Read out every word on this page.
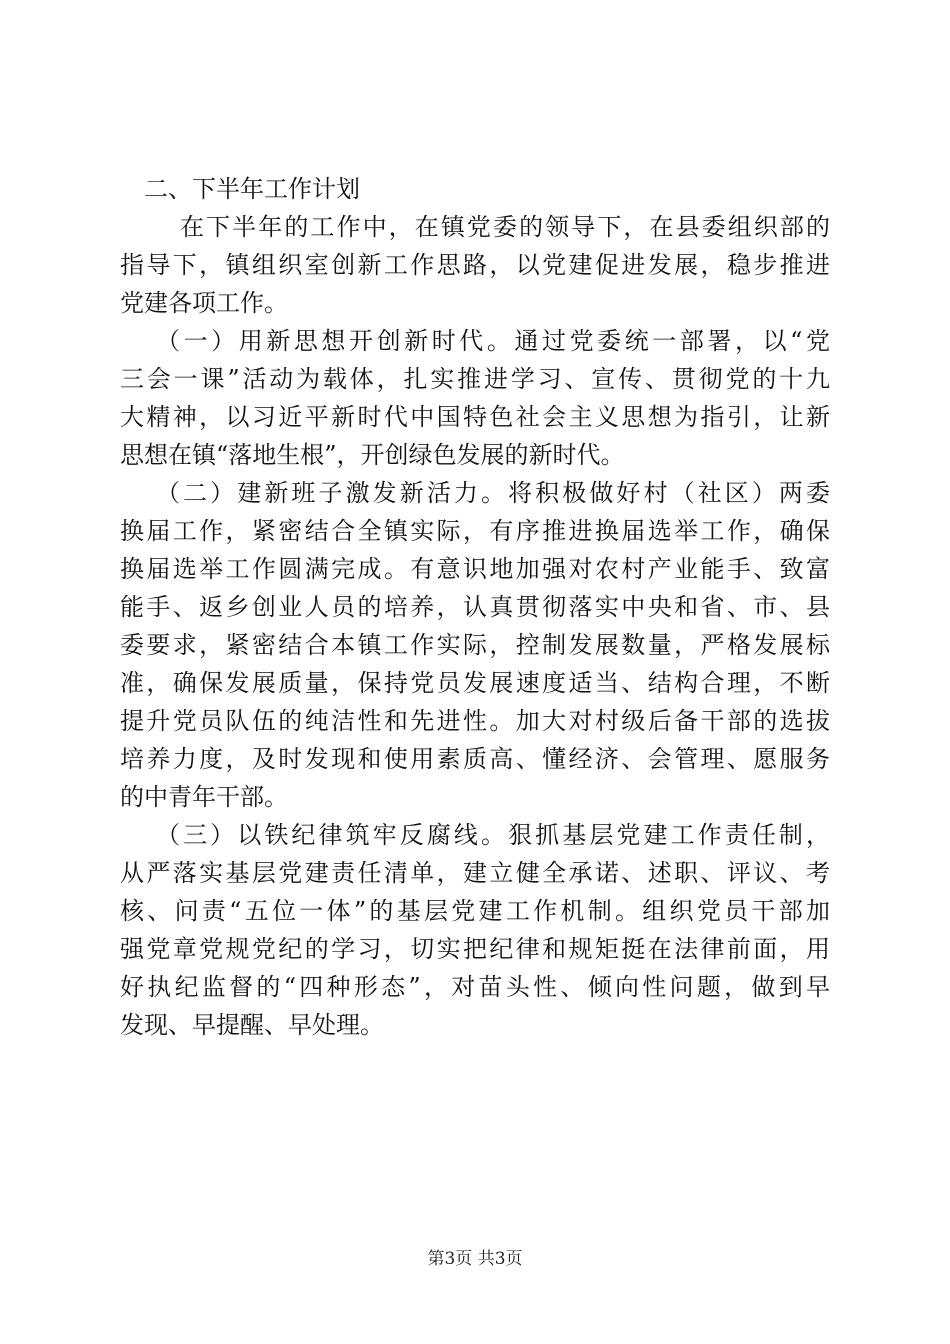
二、下半年工作计划
在下半年的工作中，在镇党委的领导下，在县委组织部的
指导下，镇组织室创新工作思路，以党建促进发展，稳步推进
党建各项工作。
（一）用新思想开创新时代。通过党委统一部署，以“党
三会一课”活动为载体，扎实推进学习、宣传、贯彻党的十九
大精神，以习近平新时代中国特色社会主义思想为指引，让新
思想在镇“落地生根”，开创绿色发展的新时代。
（二）建新班子激发新活力。将积极做好村（社区）两委
换届工作，紧密结合全镇实际，有序推进换届选举工作，确保
换届选举工作圆满完成。有意识地加强对农村产业能手、致富
能手、返乡创业人员的培养，认真贯彻落实中央和省、市、县
委要求，紧密结合本镇工作实际，控制发展数量，严格发展标
准，确保发展质量，保持党员发展速度适当、结构合理，不断
提升党员队伍的纯洁性和先进性。加大对村级后备干部的选拔
培养力度，及时发现和使用素质高、懂经济、会管理、愿服务
的中青年干部。
（三）以铁纪律筑牢反腐线。狠抓基层党建工作责任制，
从严落实基层党建责任清单，建立健全承诺、述职、评议、考
核、问责“五位一体”的基层党建工作机制。组织党员干部加
强党章党规党纪的学习，切实把纪律和规矩挺在法律前面，用
好执纪监督的“四种形态”，对苗头性、倾向性问题，做到早
发现、早提醒、早处理。
第3页 共3页
